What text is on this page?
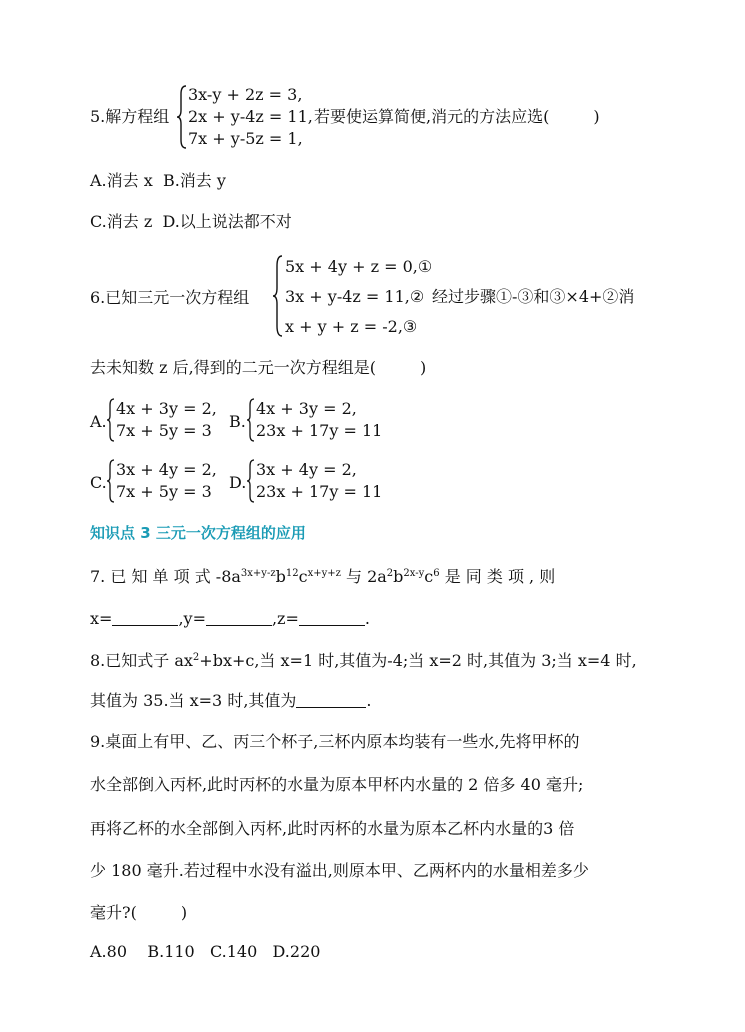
5.解方程组
3x-y + 2z = 3,
2x + y-4z = 11,
7x + y-5z = 1,
若要使运算简便,消元的方法应选(	)
A.消去 x B.消去 y
C.消去 z D.以上说法都不对
6.已知三元一次方程组
5x + 4y + z = 0,①
3x + y-4z = 11,②
x + y + z = -2,③
经过步骤①-③和③×4+②消
去未知数 z 后,得到的二元一次方程组是(	)
A.
4x + 3y = 2,
7x + 5y = 3 B.
4x + 3y = 2,
23x + 17y = 11
C.
3x + 4y = 2,
7x + 5y = 3 D.
3x + 4y = 2,
23x + 17y = 11
知识点 3 三元一次方程组的应用
7. 已 知 单 项 式 $-8a^{3x+y-z}b^{12}c^{x+y+z}$ 与 $2a^2b^{2x-y}c^6$ 是 同 类 项 , 则
x=	,y=	,z=	.
8.已知式子 $ax^2+bx+c$,当 x=1 时,其值为-4;当 x=2 时,其值为 3;当 x=4 时,
其值为 35.当 x=3 时,其值为	.
9.桌面上有甲、乙、丙三个杯子,三杯内原本均装有一些水,先将甲杯的
水全部倒入丙杯,此时丙杯的水量为原本甲杯内水量的 2 倍多 40 毫升;
再将乙杯的水全部倒入丙杯,此时丙杯的水量为原本乙杯内水量的3 倍
少 180 毫升.若过程中水没有溢出,则原本甲、乙两杯内的水量相差多少
毫升?(	)
A.80    B.110   C.140   D.220
